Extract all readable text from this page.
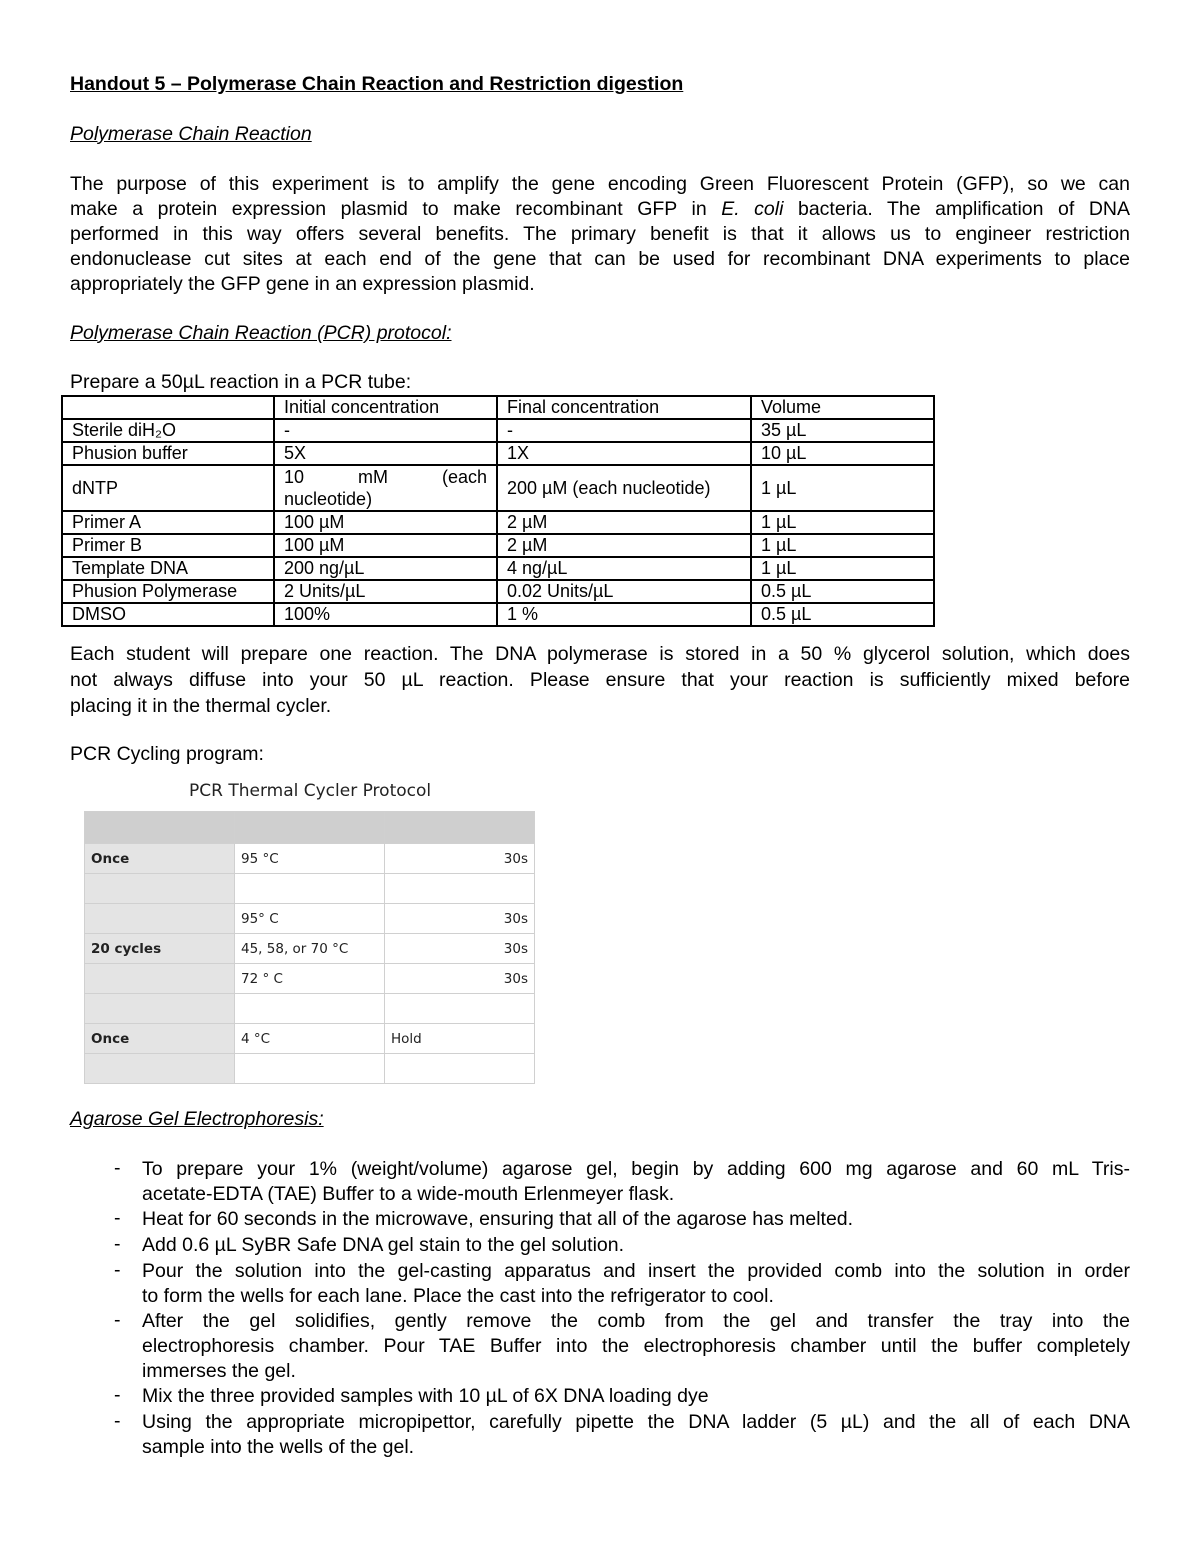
Handout 5 – Polymerase Chain Reaction and Restriction digestion
Polymerase Chain Reaction
The purpose of this experiment is to amplify the gene encoding Green Fluorescent Protein (GFP), so we can
make a protein expression plasmid to make recombinant GFP in E. coli bacteria. The amplification of DNA
performed in this way offers several benefits. The primary benefit is that it allows us to engineer restriction
endonuclease cut sites at each end of the gene that can be used for recombinant DNA experiments to place
appropriately the GFP gene in an expression plasmid.
Polymerase Chain Reaction (PCR) protocol:
Prepare a 50µL reaction in a PCR tube:
	Initial concentration	Final concentration	Volume
Sterile diH₂O	-	-	35 µL
Phusion buffer	5X	1X	10 µL
dNTP	10 mM (each
nucleotide)	200 µM (each nucleotide)	1 µL
Primer A	100 µM	2 µM	1 µL
Primer B	100 µM	2 µM	1 µL
Template DNA	200 ng/µL	4 ng/µL	1 µL
Phusion Polymerase	2 Units/µL	0.02 Units/µL	0.5 µL
DMSO	100%	1 %	0.5 µL
Each student will prepare one reaction. The DNA polymerase is stored in a 50 % glycerol solution, which does
not always diffuse into your 50 µL reaction. Please ensure that your reaction is sufficiently mixed before
placing it in the thermal cycler.
PCR Cycling program:
PCR Thermal Cycler Protocol

Once	95 °C	30s

	95° C	30s
20 cycles	45, 58, or 70 °C	30s
	72 ° C	30s

Once	4 °C	Hold

Agarose Gel Electrophoresis:
- To prepare your 1% (weight/volume) agarose gel, begin by adding 600 mg agarose and 60 mL Tris-
acetate-EDTA (TAE) Buffer to a wide-mouth Erlenmeyer flask.
- Heat for 60 seconds in the microwave, ensuring that all of the agarose has melted.
- Add 0.6 µL SyBR Safe DNA gel stain to the gel solution.
- Pour the solution into the gel-casting apparatus and insert the provided comb into the solution in order
to form the wells for each lane. Place the cast into the refrigerator to cool.
- After the gel solidifies, gently remove the comb from the gel and transfer the tray into the
electrophoresis chamber. Pour TAE Buffer into the electrophoresis chamber until the buffer completely
immerses the gel.
- Mix the three provided samples with 10 µL of 6X DNA loading dye
- Using the appropriate micropipettor, carefully pipette the DNA ladder (5 µL) and the all of each DNA
sample into the wells of the gel.
